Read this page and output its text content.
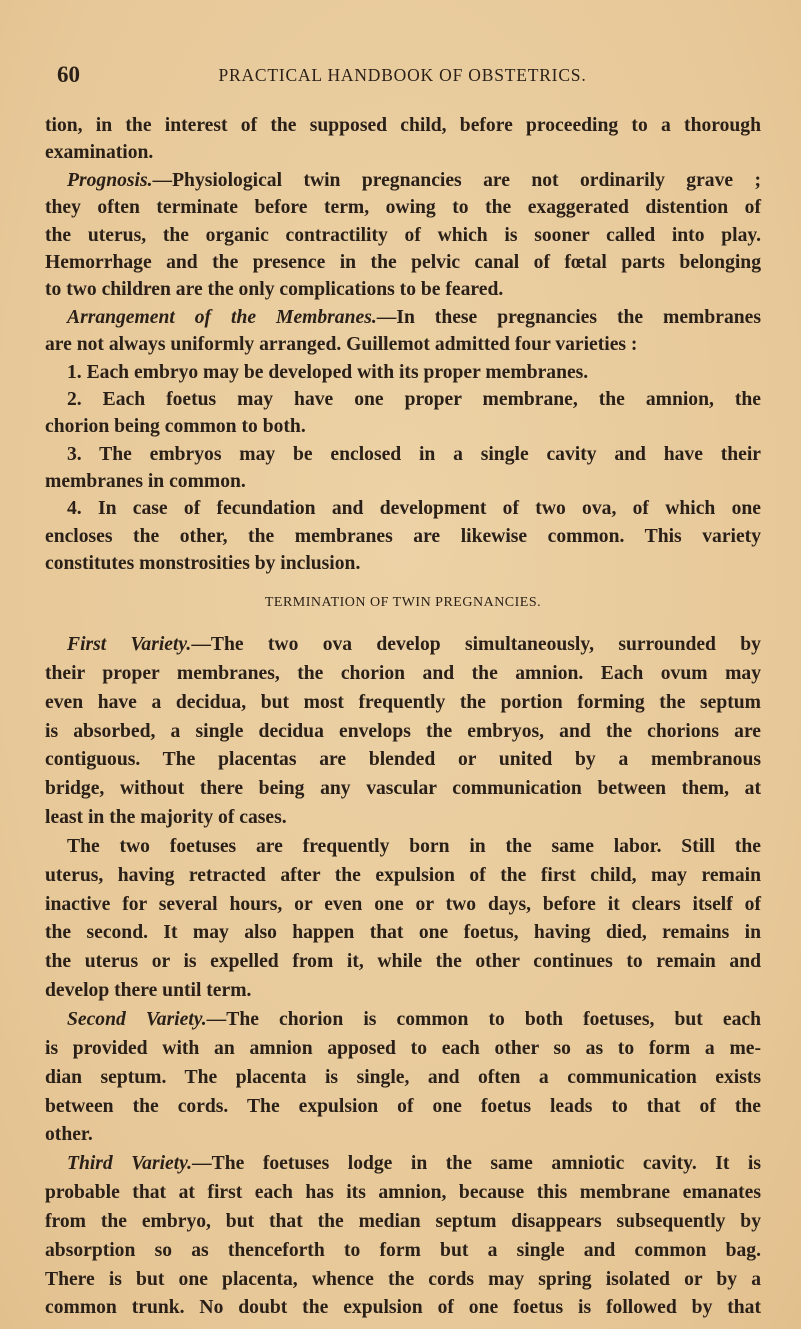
60	PRACTICAL HANDBOOK OF OBSTETRICS.
tion, in the interest of the supposed child, before proceeding to a thorough
examination.
Prognosis.—Physiological twin pregnancies are not ordinarily grave ;
they often terminate before term, owing to the exaggerated distention of
the uterus, the organic contractility of which is sooner called into play.
Hemorrhage and the presence in the pelvic canal of fœtal parts belonging
to two children are the only complications to be feared.
Arrangement of the Membranes.—In these pregnancies the membranes
are not always uniformly arranged. Guillemot admitted four varieties :
1. Each embryo may be developed with its proper membranes.
2. Each foetus may have one proper membrane, the amnion, the
chorion being common to both.
3. The embryos may be enclosed in a single cavity and have their
membranes in common.
4. In case of fecundation and development of two ova, of which one
encloses the other, the membranes are likewise common. This variety
constitutes monstrosities by inclusion.
TERMINATION OF TWIN PREGNANCIES.
First Variety.—The two ova develop simultaneously, surrounded by
their proper membranes, the chorion and the amnion. Each ovum may
even have a decidua, but most frequently the portion forming the septum
is absorbed, a single decidua envelops the embryos, and the chorions are
contiguous. The placentas are blended or united by a membranous
bridge, without there being any vascular communication between them, at
least in the majority of cases.
The two foetuses are frequently born in the same labor. Still the
uterus, having retracted after the expulsion of the first child, may remain
inactive for several hours, or even one or two days, before it clears itself of
the second. It may also happen that one foetus, having died, remains in
the uterus or is expelled from it, while the other continues to remain and
develop there until term.
Second Variety.—The chorion is common to both foetuses, but each
is provided with an amnion apposed to each other so as to form a me-
dian septum. The placenta is single, and often a communication exists
between the cords. The expulsion of one foetus leads to that of the
other.
Third Variety.—The foetuses lodge in the same amniotic cavity. It is
probable that at first each has its amnion, because this membrane emanates
from the embryo, but that the median septum disappears subsequently by
absorption so as thenceforth to form but a single and common bag.
There is but one placenta, whence the cords may spring isolated or by a
common trunk. No doubt the expulsion of one foetus is followed by that
